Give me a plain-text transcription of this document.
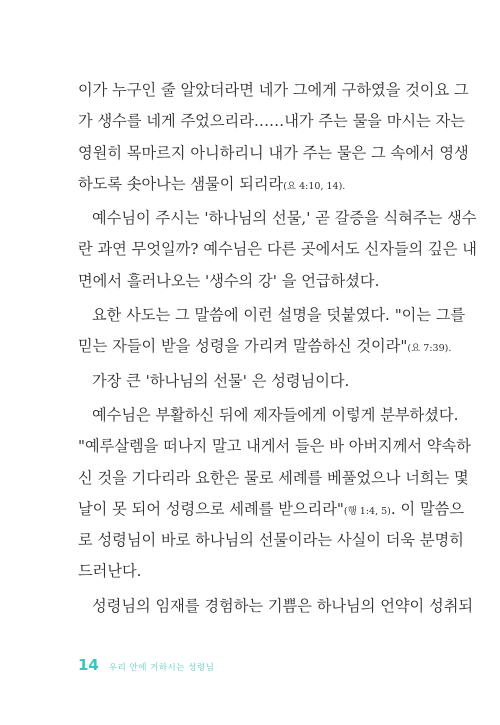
이가 누구인 줄 알았더라면 네가 그에게 구하였을 것이요 그
가 생수를 네게 주었으리라……내가 주는 물을 마시는 자는
영원히 목마르지 아니하리니 내가 주는 물은 그 속에서 영생
하도록 솟아나는 샘물이 되리라(요 4:10, 14).
예수님이 주시는 '하나님의 선물,' 곧 갈증을 식혀주는 생수
란 과연 무엇일까? 예수님은 다른 곳에서도 신자들의 깊은 내
면에서 흘러나오는 '생수의 강' 을 언급하셨다.
요한 사도는 그 말씀에 이런 설명을 덧붙였다. "이는 그를
믿는 자들이 받을 성령을 가리켜 말씀하신 것이라"(요 7:39).
가장 큰 '하나님의 선물' 은 성령님이다.
예수님은 부활하신 뒤에 제자들에게 이렇게 분부하셨다.
"예루살렘을 떠나지 말고 내게서 들은 바 아버지께서 약속하
신 것을 기다리라 요한은 물로 세례를 베풀었으나 너희는 몇
날이 못 되어 성령으로 세례를 받으리라"(행 1:4, 5). 이 말씀으
로 성령님이 바로 하나님의 선물이라는 사실이 더욱 분명히
드러난다.
성령님의 임재를 경험하는 기쁨은 하나님의 언약이 성취되
14 우리 안에 거하시는 성령님
